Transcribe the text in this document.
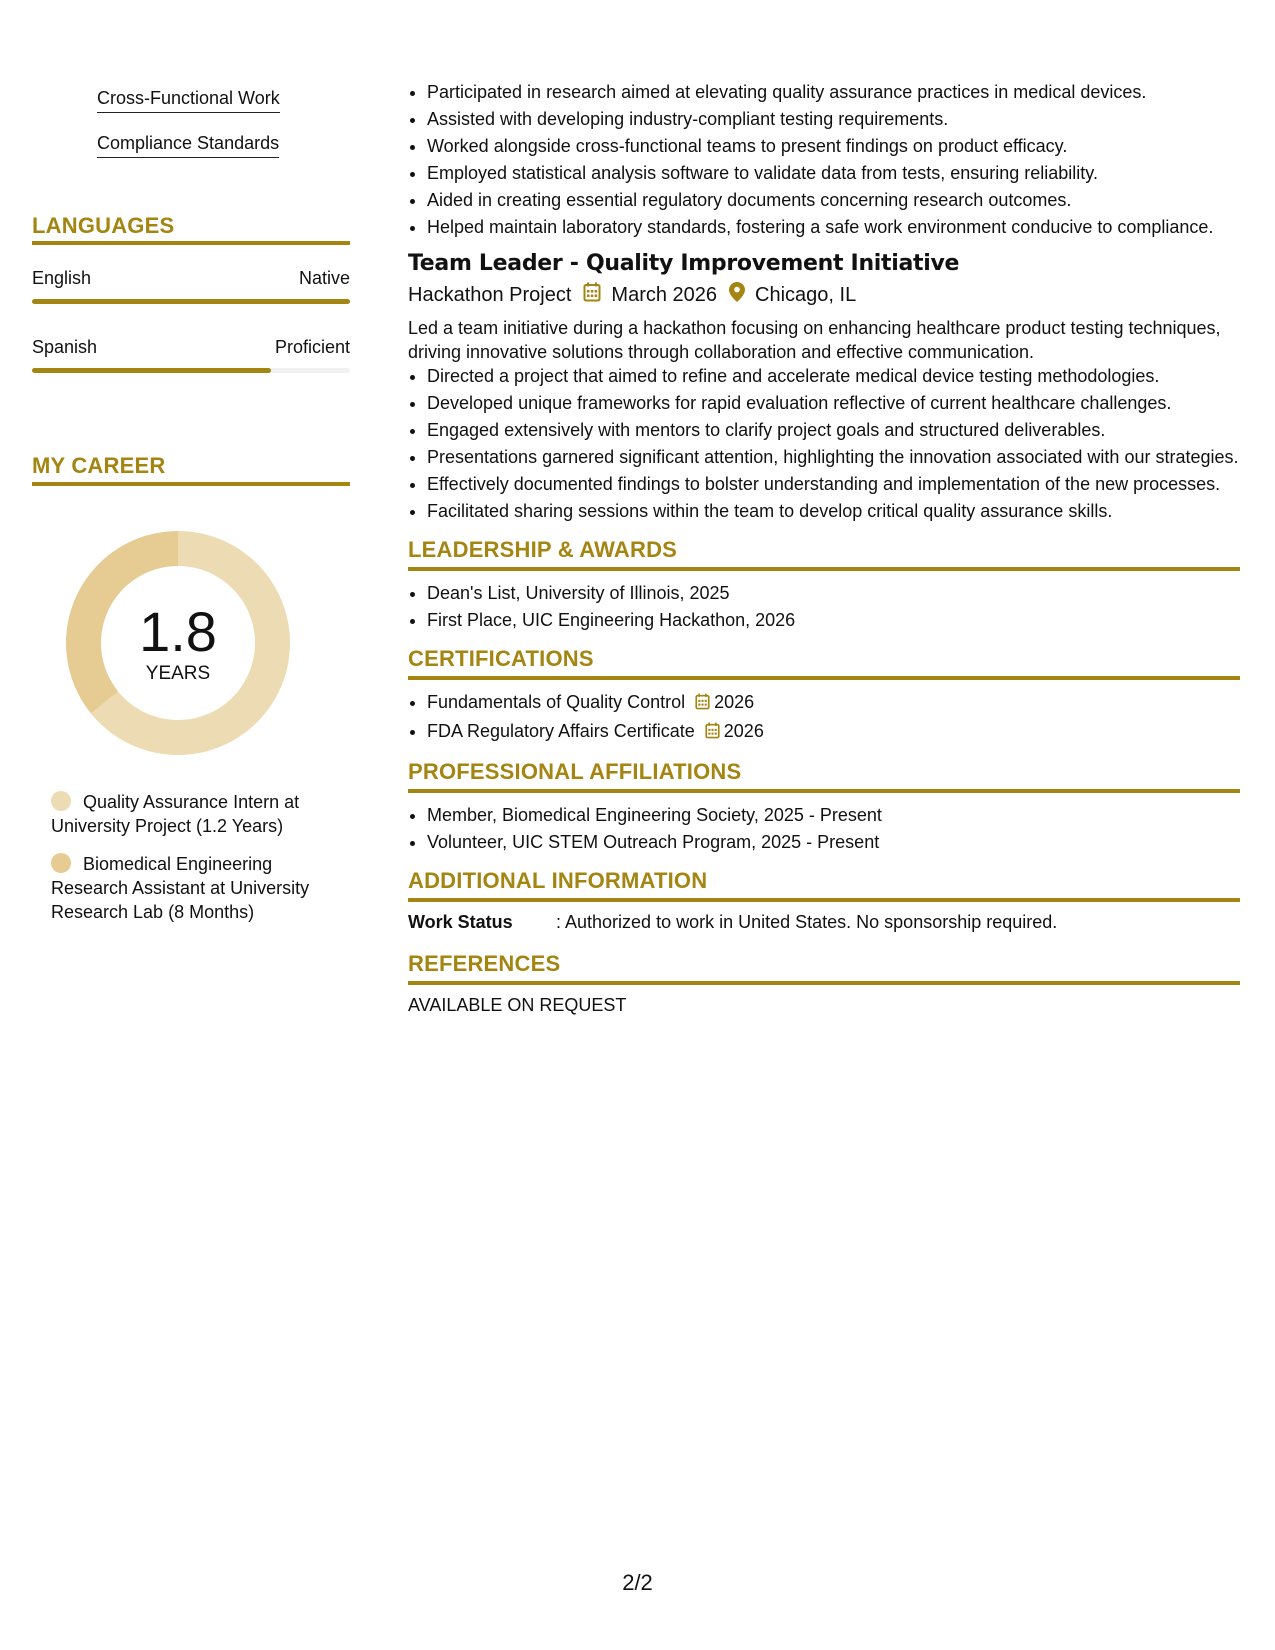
Cross-Functional Work
Compliance Standards
LANGUAGES
English	Native
Spanish	Proficient
MY CAREER
1.8
YEARS
Quality Assurance Intern at University Project (1.2 Years)
Biomedical Engineering Research Assistant at University Research Lab (8 Months)
• Participated in research aimed at elevating quality assurance practices in medical devices.
• Assisted with developing industry-compliant testing requirements.
• Worked alongside cross-functional teams to present findings on product efficacy.
• Employed statistical analysis software to validate data from tests, ensuring reliability.
• Aided in creating essential regulatory documents concerning research outcomes.
• Helped maintain laboratory standards, fostering a safe work environment conducive to compliance.
Team Leader - Quality Improvement Initiative
Hackathon Project March 2026 Chicago, IL
Led a team initiative during a hackathon focusing on enhancing healthcare product testing techniques, driving innovative solutions through collaboration and effective communication.
• Directed a project that aimed to refine and accelerate medical device testing methodologies.
• Developed unique frameworks for rapid evaluation reflective of current healthcare challenges.
• Engaged extensively with mentors to clarify project goals and structured deliverables.
• Presentations garnered significant attention, highlighting the innovation associated with our strategies.
• Effectively documented findings to bolster understanding and implementation of the new processes.
• Facilitated sharing sessions within the team to develop critical quality assurance skills.
LEADERSHIP & AWARDS
• Dean's List, University of Illinois, 2025
• First Place, UIC Engineering Hackathon, 2026
CERTIFICATIONS
• Fundamentals of Quality Control 2026
• FDA Regulatory Affairs Certificate 2026
PROFESSIONAL AFFILIATIONS
• Member, Biomedical Engineering Society, 2025 - Present
• Volunteer, UIC STEM Outreach Program, 2025 - Present
ADDITIONAL INFORMATION
Work Status	: Authorized to work in United States. No sponsorship required.
REFERENCES
AVAILABLE ON REQUEST
2/2
